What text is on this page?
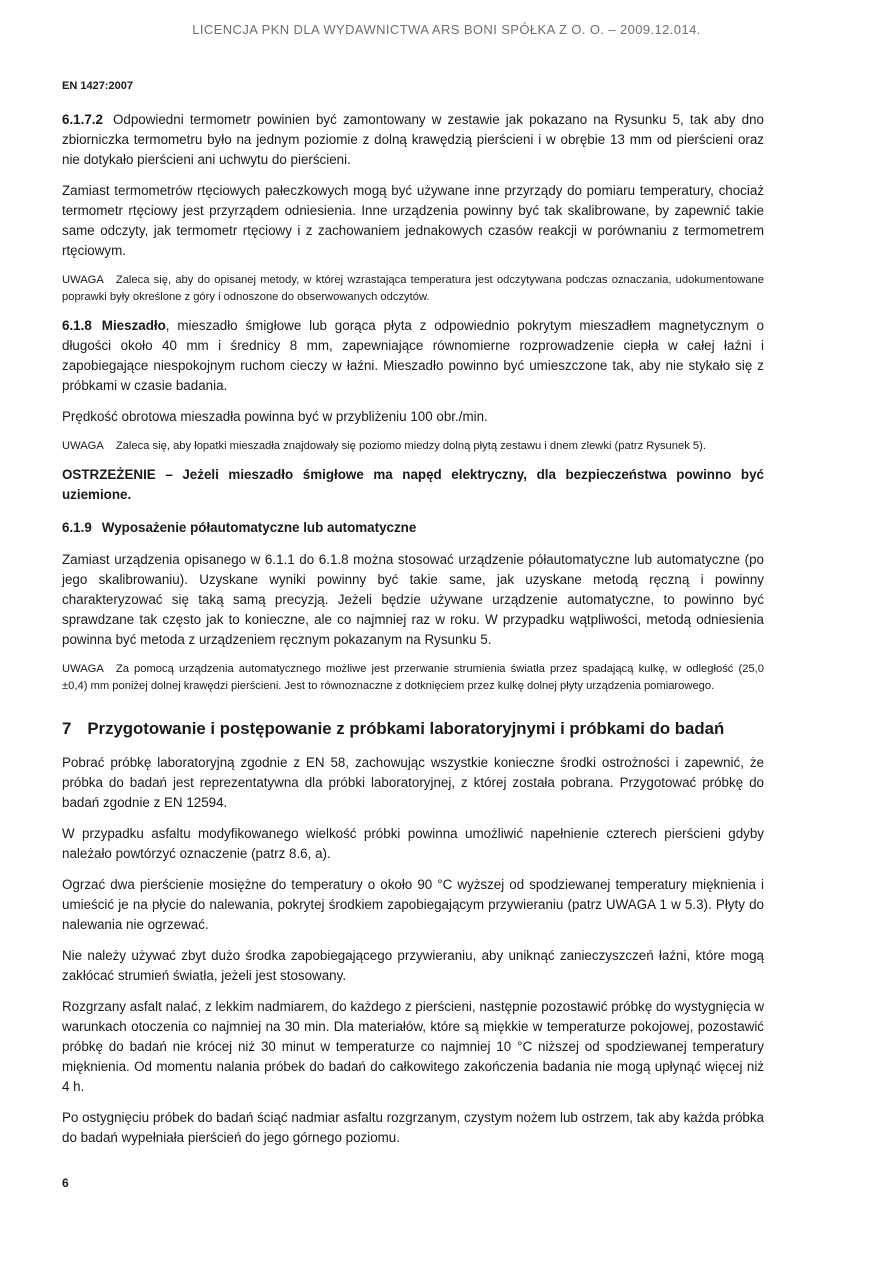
LICENCJA PKN DLA WYDAWNICTWA ARS BONI SPÓŁKA Z O. O. – 2009.12.014.
EN 1427:2007

6.1.7.2 Odpowiedni termometr powinien być zamontowany w zestawie jak pokazano na Rysunku 5, tak aby dno zbiorniczka termometru było na jednym poziomie z dolną krawędzią pierścieni i w obrębie 13 mm od pierścieni oraz nie dotykało pierścieni ani uchwytu do pierścieni.

Zamiast termometrów rtęciowych pałeczkowych mogą być używane inne przyrządy do pomiaru temperatury, chociaż termometr rtęciowy jest przyrządem odniesienia. Inne urządzenia powinny być tak skalibrowane, by zapewnić takie same odczyty, jak termometr rtęciowy i z zachowaniem jednakowych czasów reakcji w porównaniu z termometrem rtęciowym.

UWAGA Zaleca się, aby do opisanej metody, w której wzrastająca temperatura jest odczytywana podczas oznaczania, udokumentowane poprawki były określone z góry i odnoszone do obserwowanych odczytów.

6.1.8 Mieszadło, mieszadło śmigłowe lub gorąca płyta z odpowiednio pokrytym mieszadłem magnetycznym o długości około 40 mm i średnicy 8 mm, zapewniające równomierne rozprowadzenie ciepła w całej łaźni i zapobiegające niespokojnym ruchom cieczy w łaźni. Mieszadło powinno być umieszczone tak, aby nie stykało się z próbkami w czasie badania.

Prędkość obrotowa mieszadła powinna być w przybliżeniu 100 obr./min.

UWAGA Zaleca się, aby łopatki mieszadła znajdowały się poziomo miedzy dolną płytą zestawu i dnem zlewki (patrz Rysunek 5).

OSTRZEŻENIE – Jeżeli mieszadło śmigłowe ma napęd elektryczny, dla bezpieczeństwa powinno być uziemione.

6.1.9 Wyposażenie półautomatyczne lub automatyczne

Zamiast urządzenia opisanego w 6.1.1 do 6.1.8 można stosować urządzenie półautomatyczne lub automatyczne (po jego skalibrowaniu). Uzyskane wyniki powinny być takie same, jak uzyskane metodą ręczną i powinny charakteryzować się taką samą precyzją. Jeżeli będzie używane urządzenie automatyczne, to powinno być sprawdzane tak często jak to konieczne, ale co najmniej raz w roku. W przypadku wątpliwości, metodą odniesienia powinna być metoda z urządzeniem ręcznym pokazanym na Rysunku 5.

UWAGA Za pomocą urządzenia automatycznego możliwe jest przerwanie strumienia światła przez spadającą kulkę, w odległość (25,0 ±0,4) mm poniżej dolnej krawędzi pierścieni. Jest to równoznaczne z dotknięciem przez kulkę dolnej płyty urządzenia pomiarowego.

7 Przygotowanie i postępowanie z próbkami laboratoryjnymi i próbkami do badań

Pobrać próbkę laboratoryjną zgodnie z EN 58, zachowując wszystkie konieczne środki ostrożności i zapewnić, że próbka do badań jest reprezentatywna dla próbki laboratoryjnej, z której została pobrana. Przygotować próbkę do badań zgodnie z EN 12594.

W przypadku asfaltu modyfikowanego wielkość próbki powinna umożliwić napełnienie czterech pierścieni gdyby należało powtórzyć oznaczenie (patrz 8.6, a).

Ogrzać dwa pierścienie mosiężne do temperatury o około 90 °C wyższej od spodziewanej temperatury mięknienia i umieścić je na płycie do nalewania, pokrytej środkiem zapobiegającym przywieraniu (patrz UWAGA 1 w 5.3). Płyty do nalewania nie ogrzewać.

Nie należy używać zbyt dużo środka zapobiegającego przywieraniu, aby uniknąć zanieczyszczeń łaźni, które mogą zakłócać strumień światła, jeżeli jest stosowany.

Rozgrzany asfalt nalać, z lekkim nadmiarem, do każdego z pierścieni, następnie pozostawić próbkę do wystygnięcia w warunkach otoczenia co najmniej na 30 min. Dla materiałów, które są miękkie w temperaturze pokojowej, pozostawić próbkę do badań nie krócej niż 30 minut w temperaturze co najmniej 10 °C niższej od spodziewanej temperatury mięknienia. Od momentu nalania próbek do badań do całkowitego zakończenia badania nie mogą upłynąć więcej niż 4 h.

Po ostygnięciu próbek do badań ściąć nadmiar asfaltu rozgrzanym, czystym nożem lub ostrzem, tak aby każda próbka do badań wypełniała pierścień do jego górnego poziomu.

6
